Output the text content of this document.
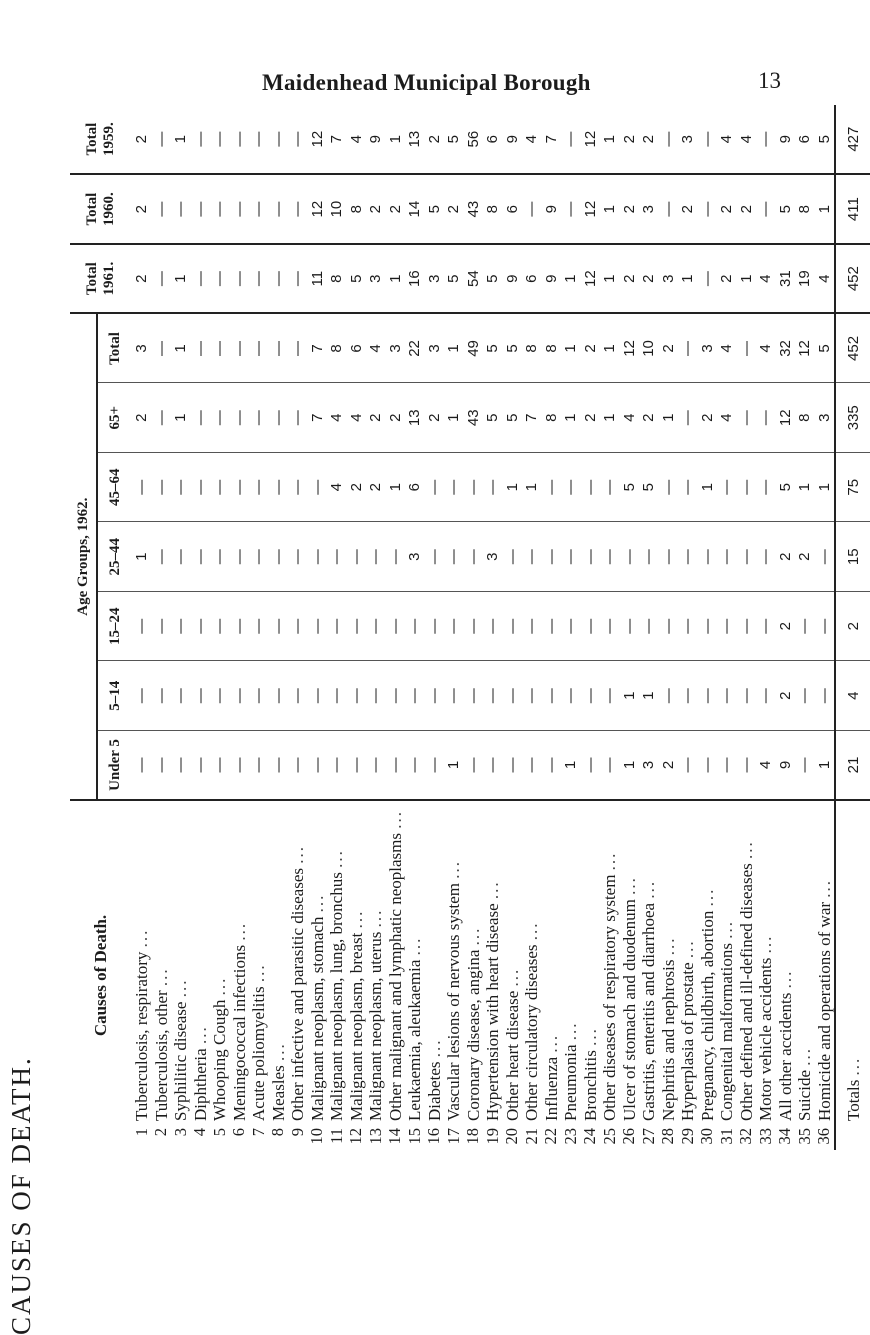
Maidenhead Municipal Borough	13
CAUSES OF DEATH.
Causes of Death.		Age Groups, 1962.							Total 1961.	Total 1960.	Total 1959.
		Under 5	5–14	15–24	25–44	45–64	65+	Total			
1	Tuberculosis, respiratory ...	—	—	—	1	—	2	3	2	2	2
2	Tuberculosis, other ...	—	—	—	—	—	—	—	—	—	—
3	Syphilitic disease ...	—	—	—	—	—	1	1	1	—	1
4	Diphtheria ...	—	—	—	—	—	—	—	—	—	—
5	Whooping Cough ...	—	—	—	—	—	—	—	—	—	—
6	Meningococcal infections ...	—	—	—	—	—	—	—	—	—	—
7	Acute poliomyelitis ...	—	—	—	—	—	—	—	—	—	—
8	Measles ...	—	—	—	—	—	—	—	—	—	—
9	Other infective and parasitic diseases ...	—	—	—	—	—	—	—	—	—	—
10	Malignant neoplasm, stomach ...	—	—	—	—	—	7	7	11	12	12
11	Malignant neoplasm, lung, bronchus ...	—	—	—	—	4	4	8	8	10	7
12	Malignant neoplasm, breast ...	—	—	—	—	2	4	6	5	8	4
13	Malignant neoplasm, uterus ...	—	—	—	—	2	2	4	3	2	9
14	Other malignant and lymphatic neoplasms ...	—	—	—	—	1	2	3	1	2	1
15	Leukaemia, aleukaemia ...	—	—	—	3	6	13	22	16	14	13
16	Diabetes ...	—	—	—	—	—	2	3	3	5	2
17	Vascular lesions of nervous system ...	1	—	—	—	—	1	1	5	2	5
18	Coronary disease, angina ...	—	—	—	—	—	43	49	54	43	56
19	Hypertension with heart disease ...	—	—	—	3	—	5	5	5	8	6
20	Other heart disease ...	—	—	—	—	1	5	5	9	6	9
21	Other circulatory diseases ...	—	—	—	—	1	7	8	6	—	4
22	Influenza ...	—	—	—	—	—	8	8	9	9	7
23	Pneumonia ...	1	—	—	—	—	1	1	1	—	—
24	Bronchitis ...	—	—	—	—	—	2	2	12	12	12
25	Other diseases of respiratory system ...	—	—	—	—	—	1	1	1	1	1
26	Ulcer of stomach and duodenum ...	1	1	—	—	5	4	12	2	2	2
27	Gastritis, enteritis and diarrhoea ...	3	1	—	—	5	2	10	2	3	2
28	Nephritis and nephrosis ...	2	—	—	—	—	1	2	3	—	—
29	Hyperplasia of prostate ...	—	—	—	—	—	—	—	1	2	3
30	Pregnancy, childbirth, abortion ...	—	—	—	—	1	2	3	—	—	—
31	Congenital malformations ...	—	—	—	—	—	4	4	2	2	4
32	Other defined and ill-defined diseases ...	—	—	—	—	—	—	—	1	2	4
33	Motor vehicle accidents ...	4	—	—	—	—	—	4	4	—	—
34	All other accidents ...	9	2	2	2	5	12	32	31	5	9
35	Suicide ...	—	—	—	2	1	8	12	19	8	6
36	Homicide and operations of war ...	1	—	—	—	1	3	5	4	1	5
	Totals ...	21	4	2	15	75	335	452	452	411	427
